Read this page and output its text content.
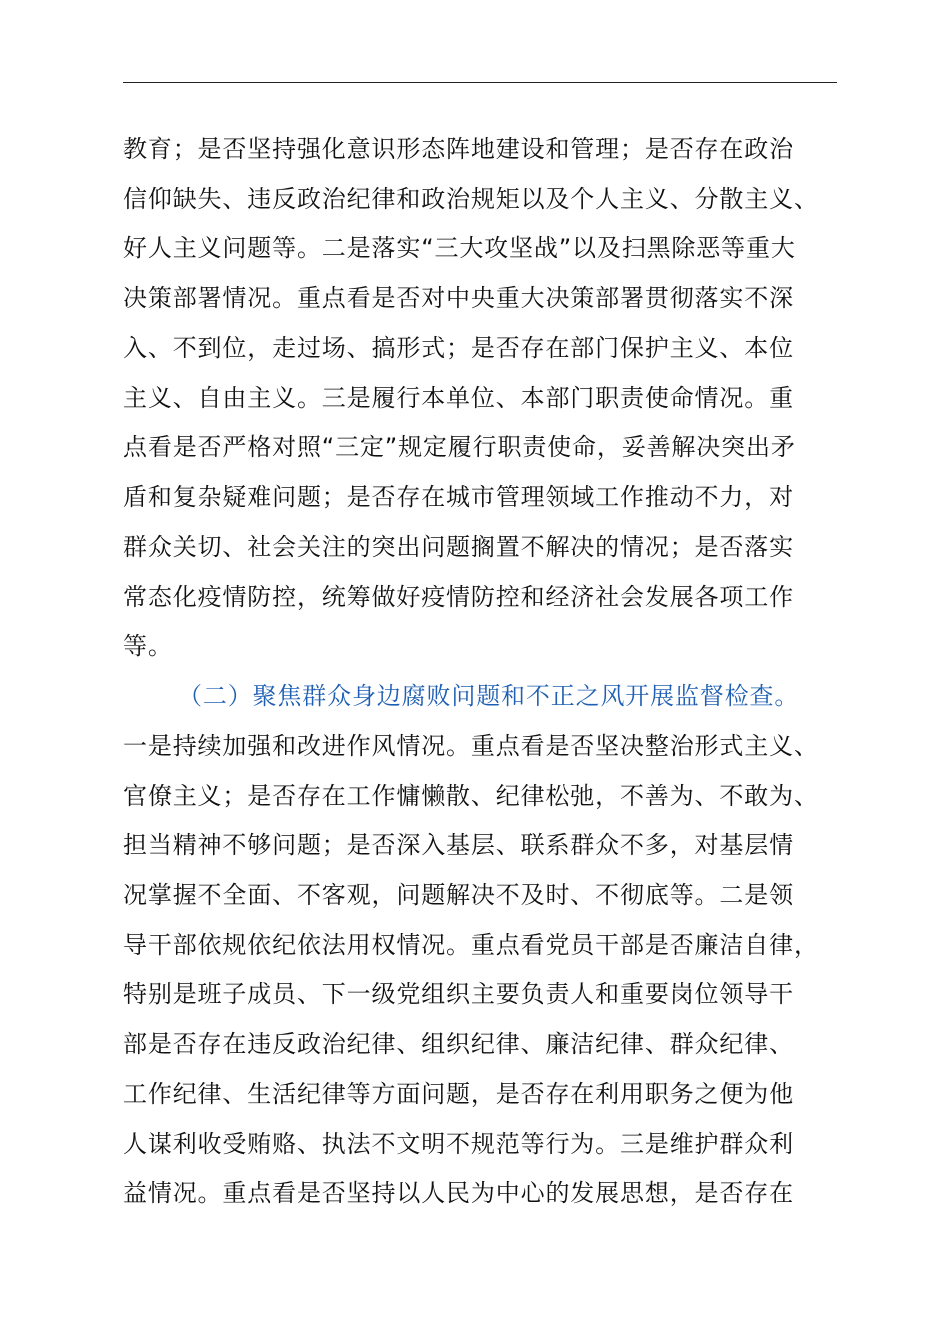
教育；是否坚持强化意识形态阵地建设和管理；是否存在政治
信仰缺失、违反政治纪律和政治规矩以及个人主义、分散主义、
好人主义问题等。二是落实“三大攻坚战”以及扫黑除恶等重大
决策部署情况。重点看是否对中央重大决策部署贯彻落实不深
入、不到位，走过场、搞形式；是否存在部门保护主义、本位
主义、自由主义。三是履行本单位、本部门职责使命情况。重
点看是否严格对照“三定”规定履行职责使命，妥善解决突出矛
盾和复杂疑难问题；是否存在城市管理领域工作推动不力，对
群众关切、社会关注的突出问题搁置不解决的情况；是否落实
常态化疫情防控，统筹做好疫情防控和经济社会发展各项工作
等。
（二）聚焦群众身边腐败问题和不正之风开展监督检查。
一是持续加强和改进作风情况。重点看是否坚决整治形式主义、
官僚主义；是否存在工作慵懒散、纪律松弛，不善为、不敢为、
担当精神不够问题；是否深入基层、联系群众不多，对基层情
况掌握不全面、不客观，问题解决不及时、不彻底等。二是领
导干部依规依纪依法用权情况。重点看党员干部是否廉洁自律，
特别是班子成员、下一级党组织主要负责人和重要岗位领导干
部是否存在违反政治纪律、组织纪律、廉洁纪律、群众纪律、
工作纪律、生活纪律等方面问题，是否存在利用职务之便为他
人谋利收受贿赂、执法不文明不规范等行为。三是维护群众利
益情况。重点看是否坚持以人民为中心的发展思想，是否存在
